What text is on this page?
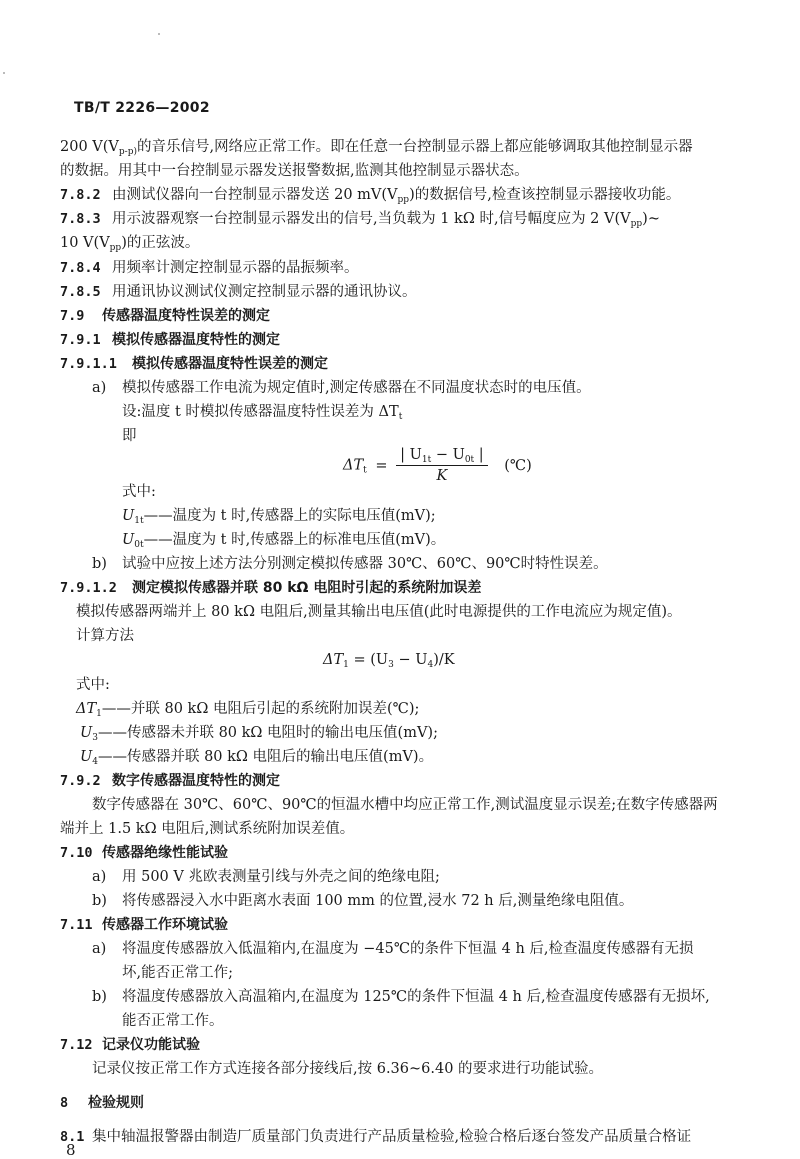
TB/T 2226—2002
200 $V(V_{p-p)}$的音乐信号,网络应正常工作。即在任意一台控制显示器上都应能够调取其他控制显示器
的数据。用其中一台控制显示器发送报警数据,监测其他控制显示器状态。
7.8.2 由测试仪器向一台控制显示器发送 20 $mV(V_{pp})$的数据信号,检查该控制显示器接收功能。
7.8.3 用示波器观察一台控制显示器发出的信号,当负载为 1 kΩ 时,信号幅度应为 2 $V(V_{pp})\sim$
10 $V(V_{pp})$的正弦波。
7.8.4 用频率计测定控制显示器的晶振频率。
7.8.5 用通讯协议测试仪测定控制显示器的通讯协议。
7.9 传感器温度特性误差的测定
7.9.1 模拟传感器温度特性的测定
7.9.1.1 模拟传感器温度特性误差的测定
a) 模拟传感器工作电流为规定值时,测定传感器在不同温度状态时的电压值。
设:温度 t 时模拟传感器温度特性误差为 $\Delta T_t$
即
$\Delta T_t = \frac{| U_{1t} - U_{0t} |}{K}$ (℃)
式中:
$U_{1t}——$温度为 t 时,传感器上的实际电压值(mV);
$U_{0t}——$温度为 t 时,传感器上的标准电压值(mV)。
b) 试验中应按上述方法分别测定模拟传感器 30℃、60℃、90℃时特性误差。
7.9.1.2 测定模拟传感器并联 80 kΩ 电阻时引起的系统附加误差
模拟传感器两端并上 80 kΩ 电阻后,测量其输出电压值(此时电源提供的工作电流应为规定值)。
计算方法
$\Delta T_1 = (U_3 - U_4)/K$
式中:
$\Delta T_1——$并联 80 kΩ 电阻后引起的系统附加误差(℃);
$U_3——$传感器未并联 80 kΩ 电阻时的输出电压值(mV);
$U_4——$传感器并联 80 kΩ 电阻后的输出电压值(mV)。
7.9.2 数字传感器温度特性的测定
数字传感器在 30℃、60℃、90℃的恒温水槽中均应正常工作,测试温度显示误差;在数字传感器两
端并上 1.5 kΩ 电阻后,测试系统附加误差值。
7.10 传感器绝缘性能试验
a) 用 500 V 兆欧表测量引线与外壳之间的绝缘电阻;
b) 将传感器浸入水中距离水表面 100 mm 的位置,浸水 72 h 后,测量绝缘电阻值。
7.11 传感器工作环境试验
a) 将温度传感器放入低温箱内,在温度为 −45℃的条件下恒温 4 h 后,检查温度传感器有无损
坏,能否正常工作;
b) 将温度传感器放入高温箱内,在温度为 125℃的条件下恒温 4 h 后,检查温度传感器有无损坏,
能否正常工作。
7.12 记录仪功能试验
记录仪按正常工作方式连接各部分接线后,按 6.36~6.40 的要求进行功能试验。
8 检验规则
8.1 集中轴温报警器由制造厂质量部门负责进行产品质量检验,检验合格后逐台签发产品质量合格证
8
